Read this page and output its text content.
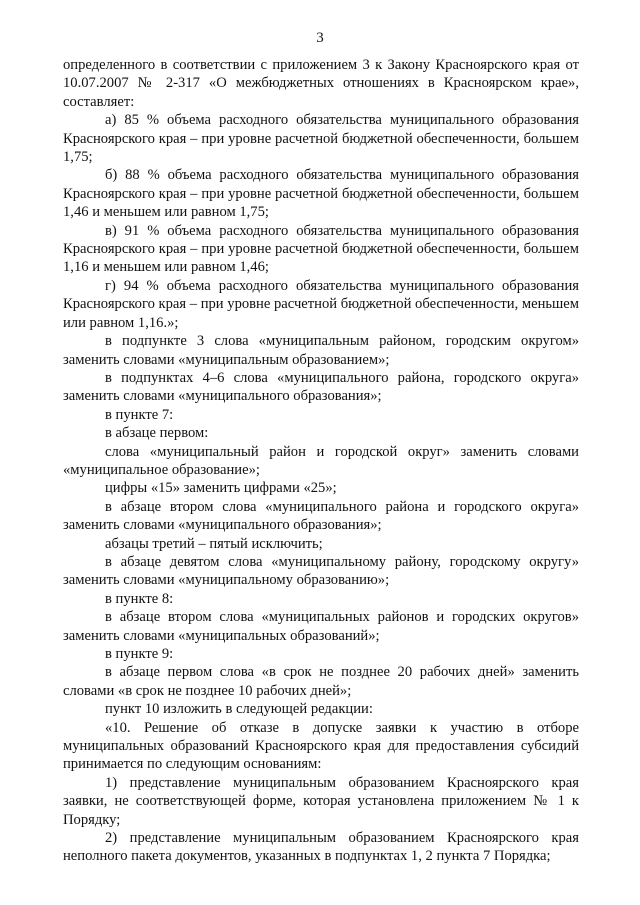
3

определенного в соответствии с приложением 3 к Закону Красноярского края от 10.07.2007 № 2-317 «О межбюджетных отношениях в Красноярском крае», составляет:

а) 85 % объема расходного обязательства муниципального образования Красноярского края – при уровне расчетной бюджетной обеспеченности, большем 1,75;

б) 88 % объема расходного обязательства муниципального образования Красноярского края – при уровне расчетной бюджетной обеспеченности, большем 1,46 и меньшем или равном 1,75;

в) 91 % объема расходного обязательства муниципального образования Красноярского края – при уровне расчетной бюджетной обеспеченности, большем 1,16 и меньшем или равном 1,46;

г) 94 % объема расходного обязательства муниципального образования Красноярского края – при уровне расчетной бюджетной обеспеченности, меньшем или равном 1,16.»;

в подпункте 3 слова «муниципальным районом, городским округом» заменить словами «муниципальным образованием»;

в подпунктах 4–6 слова «муниципального района, городского округа» заменить словами «муниципального образования»;

в пункте 7:

в абзаце первом:

слова «муниципальный район и городской округ» заменить словами «муниципальное образование»;

цифры «15» заменить цифрами «25»;

в абзаце втором слова «муниципального района и городского округа» заменить словами «муниципального образования»;

абзацы третий – пятый исключить;

в абзаце девятом слова «муниципальному району, городскому округу» заменить словами «муниципальному образованию»;

в пункте 8:

в абзаце втором слова «муниципальных районов и городских округов» заменить словами «муниципальных образований»;

в пункте 9:

в абзаце первом слова «в срок не позднее 20 рабочих дней» заменить словами «в срок не позднее 10 рабочих дней»;

пункт 10 изложить в следующей редакции:

«10. Решение об отказе в допуске заявки к участию в отборе муниципальных образований Красноярского края для предоставления субсидий принимается по следующим основаниям:

1) представление муниципальным образованием Красноярского края заявки, не соответствующей форме, которая установлена приложением № 1 к Порядку;

2) представление муниципальным образованием Красноярского края неполного пакета документов, указанных в подпунктах 1, 2 пункта 7 Порядка;
